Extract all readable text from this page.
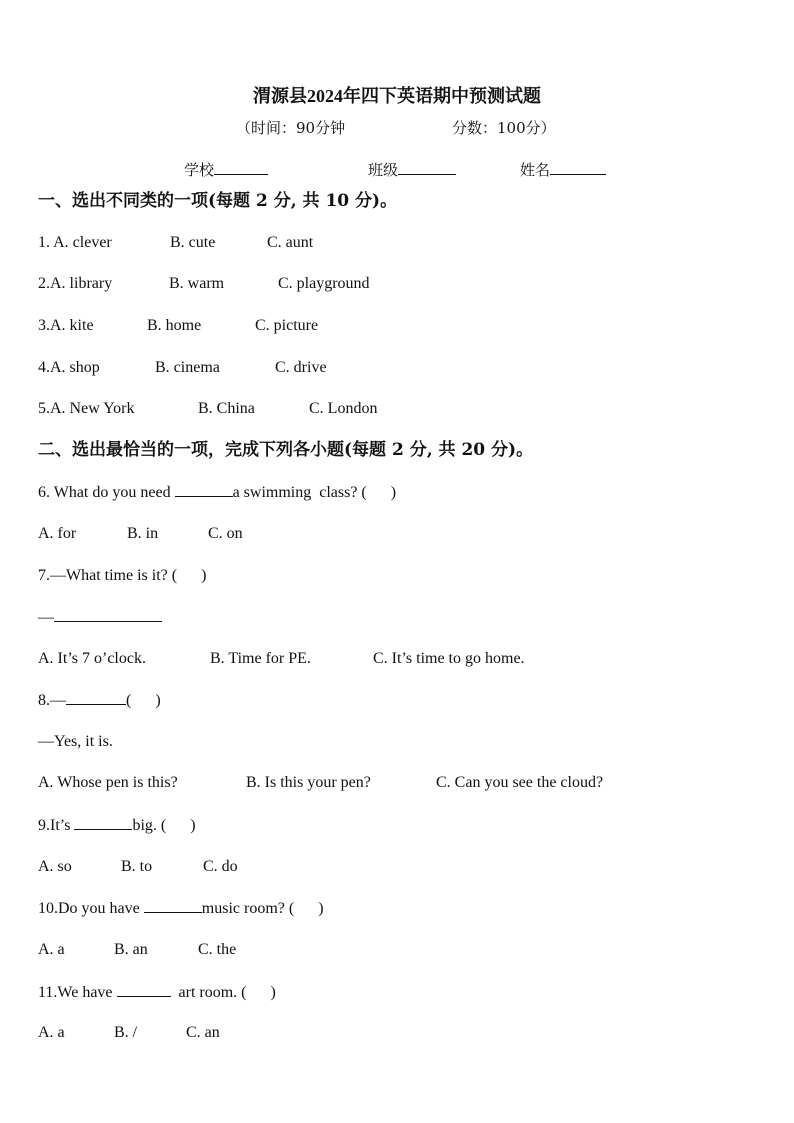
渭源县2024年四下英语期中预测试题
（时间：90分钟	分数：100分）
学校	班级	姓名
一、选出不同类的一项(每题 2 分, 共 10 分)。
1. A. clever	B. cute	C. aunt
2.A. library	B. warm	C. playground
3.A. kite	B. home	C. picture
4.A. shop	B. cinema	C. drive
5.A. New York	B. China	C. London
二、选出最恰当的一项，完成下列各小题(每题 2 分, 共 20 分)。
6. What do you need	a swimming  class? (      )
A. for	B. in	C. on
7.—What time is it? (      )
—
A. It’s 7 o’clock.	B. Time for PE.	C. It’s time to go home.
8.—	(      )
—Yes, it is.
A. Whose pen is this?	B. Is this your pen?	C. Can you see the cloud?
9.It’s	big. (      )
A. so	B. to	C. do
10.Do you have	music room? (      )
A. a	B. an	C. the
11.We have	art room. (      )
A. a	B. /	C. an
